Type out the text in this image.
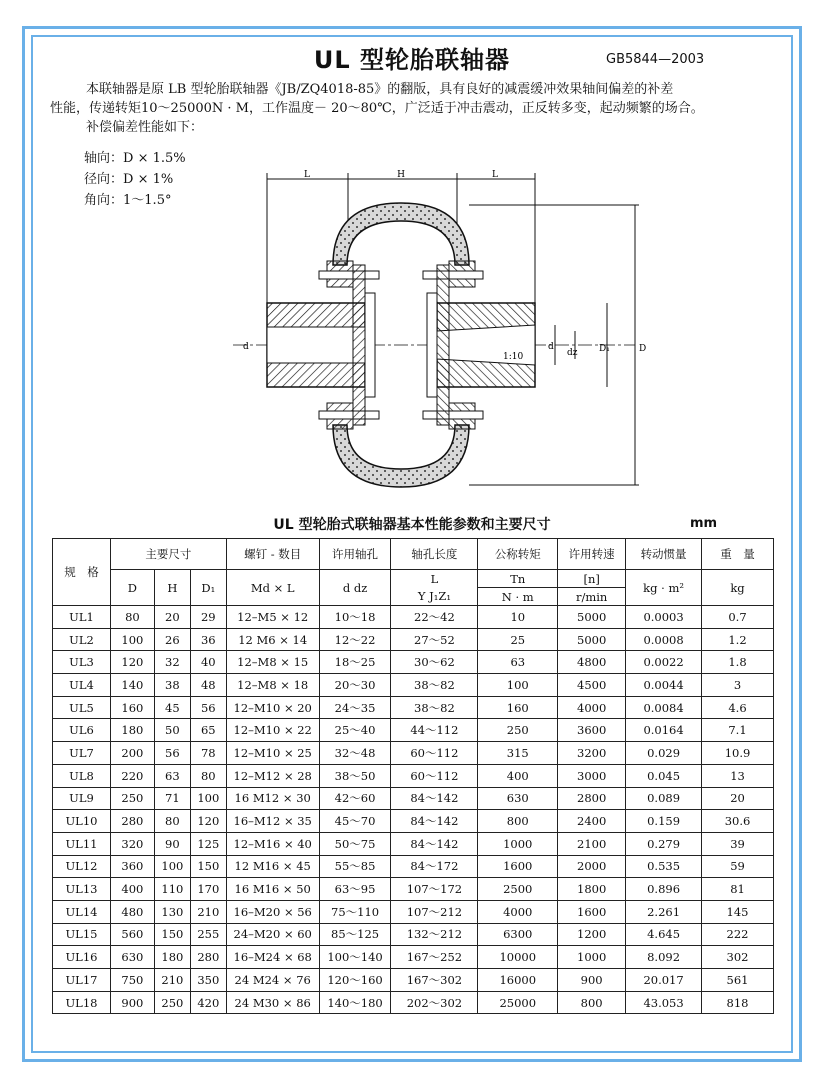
UL 型轮胎联轴器	GB5844—2003

本联轴器是原 LB 型轮胎联轴器《JB/ZQ4018-85》的翻版，具有良好的减震缓冲效果轴间偏差的补差

性能，传递转矩10～25000N · M，工作温度－ 20～80℃，广泛适于冲击震动，正反转多变，起动频繁的场合。

补偿偏差性能如下：

轴向：D × 1.5%
径向：D × 1%
角向：1～1.5°
L	H	L
d	d
dz D₁	D
1:10
UL 型轮胎式联轴器基本性能参数和主要尺寸	mm
规　格	主要尺寸			螺钉 - 数目	许用轴孔	轴孔长度	公称转矩	许用转速	转动惯量	重　量
	D	H	D₁	Md × L	d dz	L	Tn	[n]	kg · m²	kg
						Y J₁Z₁	N · m	r/min		
UL1	80	20	29	12–M5 × 12	10～18	22～42	10	5000	0.0003	0.7
UL2	100	26	36	12 M6 × 14	12～22	27～52	25	5000	0.0008	1.2
UL3	120	32	40	12–M8 × 15	18～25	30～62	63	4800	0.0022	1.8
UL4	140	38	48	12–M8 × 18	20～30	38～82	100	4500	0.0044	3
UL5	160	45	56	12–M10 × 20	24～35	38～82	160	4000	0.0084	4.6
UL6	180	50	65	12–M10 × 22	25～40	44～112	250	3600	0.0164	7.1
UL7	200	56	78	12–M10 × 25	32～48	60～112	315	3200	0.029	10.9
UL8	220	63	80	12–M12 × 28	38～50	60～112	400	3000	0.045	13
UL9	250	71	100	16 M12 × 30	42～60	84～142	630	2800	0.089	20
UL10	280	80	120	16–M12 × 35	45～70	84～142	800	2400	0.159	30.6
UL11	320	90	125	12–M16 × 40	50～75	84～142	1000	2100	0.279	39
UL12	360	100	150	12 M16 × 45	55～85	84～172	1600	2000	0.535	59
UL13	400	110	170	16 M16 × 50	63～95	107～172	2500	1800	0.896	81
UL14	480	130	210	16–M20 × 56	75～110	107～212	4000	1600	2.261	145
UL15	560	150	255	24–M20 × 60	85～125	132～212	6300	1200	4.645	222
UL16	630	180	280	16–M24 × 68	100～140	167～252	10000	1000	8.092	302
UL17	750	210	350	24 M24 × 76	120～160	167～302	16000	900	20.017	561
UL18	900	250	420	24 M30 × 86	140～180	202～302	25000	800	43.053	818
